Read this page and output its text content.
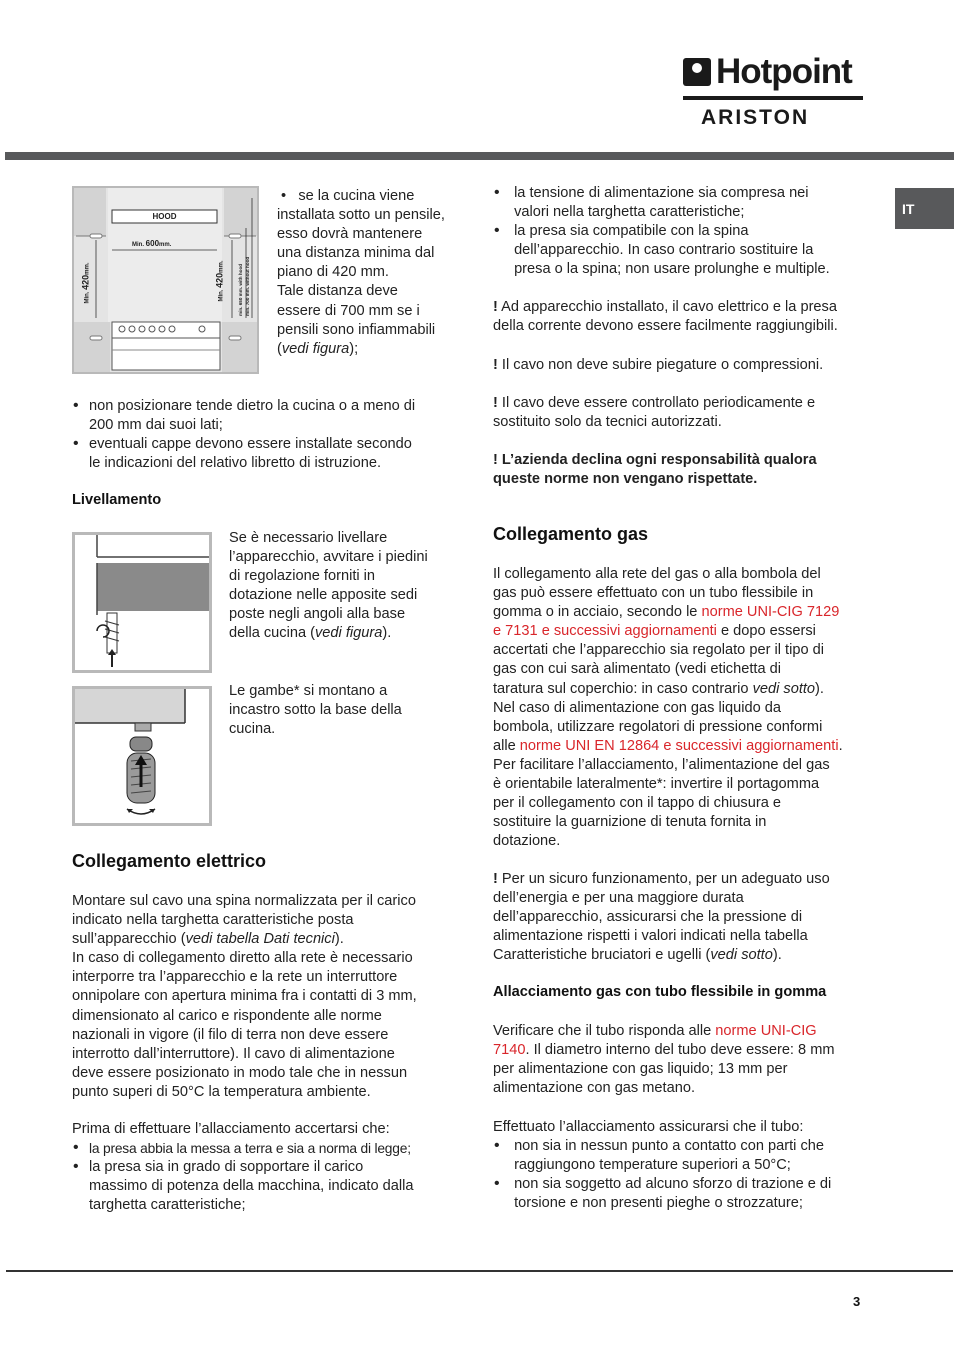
Hotpoint
ARISTON
IT
HOOD
Min. 600mm.
Min. 420mm.
Min. 420mm.	min. 650 mm. with hood min. 700 mm. without hood

•   se la cucina viene

installata sotto un pensile,

esso dovrà mantenere

una distanza minima dal

piano di 420 mm.

Tale distanza deve

essere di 700 mm se i

pensili sono infiammabili

(vedi figura);

• non posizionare tende dietro la cucina o a meno di

200 mm dai suoi lati;

• eventuali cappe devono essere installate secondo

le indicazioni del relativo libretto di istruzione.

Livellamento

Se è necessario livellare

l’apparecchio, avvitare i piedini

di regolazione forniti in

dotazione nelle apposite sedi

poste negli angoli alla base

della cucina (vedi figura).

Le gambe* si montano a

incastro sotto la base della

cucina.

Collegamento elettrico

Montare sul cavo una spina normalizzata per il carico

indicato nella targhetta caratteristiche posta

sull’apparecchio (vedi tabella Dati tecnici).

In caso di collegamento diretto alla rete è necessario

interporre tra l’apparecchio e la rete un interruttore

onnipolare con apertura minima fra i contatti di 3 mm,

dimensionato al carico e rispondente alle norme

nazionali in vigore (il filo di terra non deve essere

interrotto dall’interruttore). Il cavo di alimentazione

deve essere posizionato in modo tale che in nessun

punto superi di 50°C la temperatura ambiente.

Prima di effettuare l’allacciamento accertarsi che:

• la presa abbia la messa a terra e sia a norma di legge;

• la presa sia in grado di sopportare il carico

massimo di potenza della macchina, indicato dalla

targhetta caratteristiche;

• la tensione di alimentazione sia compresa nei

valori nella targhetta caratteristiche;

• la presa sia compatibile con la spina

dell’apparecchio. In caso contrario sostituire la

presa o la spina; non usare prolunghe e multiple.

! Ad apparecchio installato, il cavo elettrico e la presa

della corrente devono essere facilmente raggiungibili.

! Il cavo non deve subire piegature o compressioni.

! Il cavo deve essere controllato periodicamente e

sostituito solo da tecnici autorizzati.

! L’azienda declina ogni responsabilità qualora

queste norme non vengano rispettate.

Collegamento gas

Il collegamento alla rete del gas o alla bombola del

gas può essere effettuato con un tubo flessibile in

gomma o in acciaio, secondo le norme UNI-CIG 7129

e 7131 e successivi aggiornamenti e dopo essersi

accertati che l’apparecchio sia regolato per il tipo di

gas con cui sarà alimentato (vedi etichetta di

taratura sul coperchio: in caso contrario vedi sotto).

Nel caso di alimentazione con gas liquido da

bombola, utilizzare regolatori di pressione conformi

alle norme UNI EN 12864 e successivi aggiornamenti.

Per facilitare l’allacciamento, l’alimentazione del gas

è orientabile lateralmente*: invertire il portagomma

per il collegamento con il tappo di chiusura e

sostituire la guarnizione di tenuta fornita in

dotazione.

! Per un sicuro funzionamento, per un adeguato uso

dell’energia e per una maggiore durata

dell’apparecchio, assicurarsi che la pressione di

alimentazione rispetti i valori indicati nella tabella

Caratteristiche bruciatori e ugelli (vedi sotto).

Allacciamento gas con tubo flessibile in gomma

Verificare che il tubo risponda alle norme UNI-CIG

7140. Il diametro interno del tubo deve essere: 8 mm

per alimentazione con gas liquido; 13 mm per

alimentazione con gas metano.

Effettuato l’allacciamento assicurarsi che il tubo:

• non sia in nessun punto a contatto con parti che

raggiungono temperature superiori a 50°C;

• non sia soggetto ad alcuno sforzo di trazione e di

torsione e non presenti pieghe o strozzature;

3
